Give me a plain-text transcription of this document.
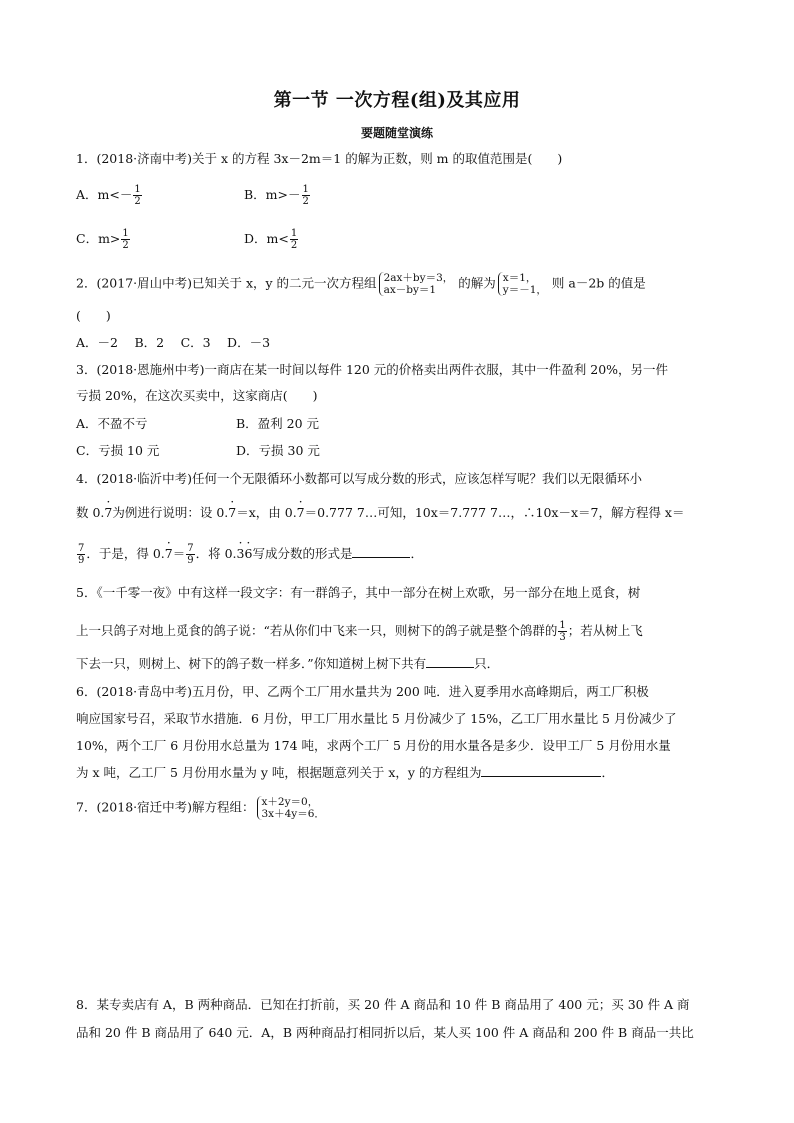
第一节 一次方程(组)及其应用
要题随堂演练
1．(2018·济南中考)关于 x 的方程 3x－2m＝1 的解为正数，则 m 的取值范围是(　　)
A．$m<- \frac{1}{2}$	B．$m>- \frac{1}{2}$
C．$m> \frac{1}{2}$	D．$m< \frac{1}{2}$
2．(2017·眉山中考)已知关于 x，y 的二元一次方程组 2ax＋by＝3，
ax－by＝1	的解为 x＝1，
y＝－1， 则 a－2b 的值是
(　　)
A．－2　 B．2　 C．3　 D．－3
3．(2018·恩施州中考)一商店在某一时间以每件 120 元的价格卖出两件衣服，其中一件盈利 20%，另一件
亏损 20%，在这次买卖中，这家商店(　　)
A．不盈不亏	B．盈利 20 元
C．亏损 10 元	D．亏损 30 元
4．(2018·临沂中考)任何一个无限循环小数都可以写成分数的形式，应该怎样写呢？我们以无限循环小
数 0.· 7为例进行说明：设 0.· 7＝x，由 0.· 7＝0.777 7…可知，10x＝7.777 7…，∴10x－x＝7，解方程得 x＝
$\frac{7}{9}$ ．于是，得 $0.\cdot 7= \frac{7}{9}$ ．将 0.· 3· 6写成分数的形式是	．
5．《一千零一夜》中有这样一段文字：有一群鸽子，其中一部分在树上欢歌，另一部分在地上觅食，树
上一只鸽子对地上觅食的鸽子说：“若从你们中飞来一只，则树下的鸽子就是整个鸽群的 $\frac{1}{3}$ ；若从树上飞
下去一只，则树上、树下的鸽子数一样多．”你知道树上树下共有	只．
6．(2018·青岛中考)五月份，甲、乙两个工厂用水量共为 200 吨．进入夏季用水高峰期后，两工厂积极
响应国家号召，采取节水措施．6 月份，甲工厂用水量比 5 月份减少了 15%，乙工厂用水量比 5 月份减少了
10%，两个工厂 6 月份用水总量为 174 吨，求两个工厂 5 月份的用水量各是多少．设甲工厂 5 月份用水量
为 x 吨，乙工厂 5 月份用水量为 y 吨，根据题意列关于 x，y 的方程组为	．
7．(2018·宿迁中考)解方程组： x＋2y＝0，
3x＋4y＝6．
8．某专卖店有 A，B 两种商品．已知在打折前，买 20 件 A 商品和 10 件 B 商品用了 400 元；买 30 件 A 商
品和 20 件 B 商品用了 640 元．A，B 两种商品打相同折以后，某人买 100 件 A 商品和 200 件 B 商品一共比
